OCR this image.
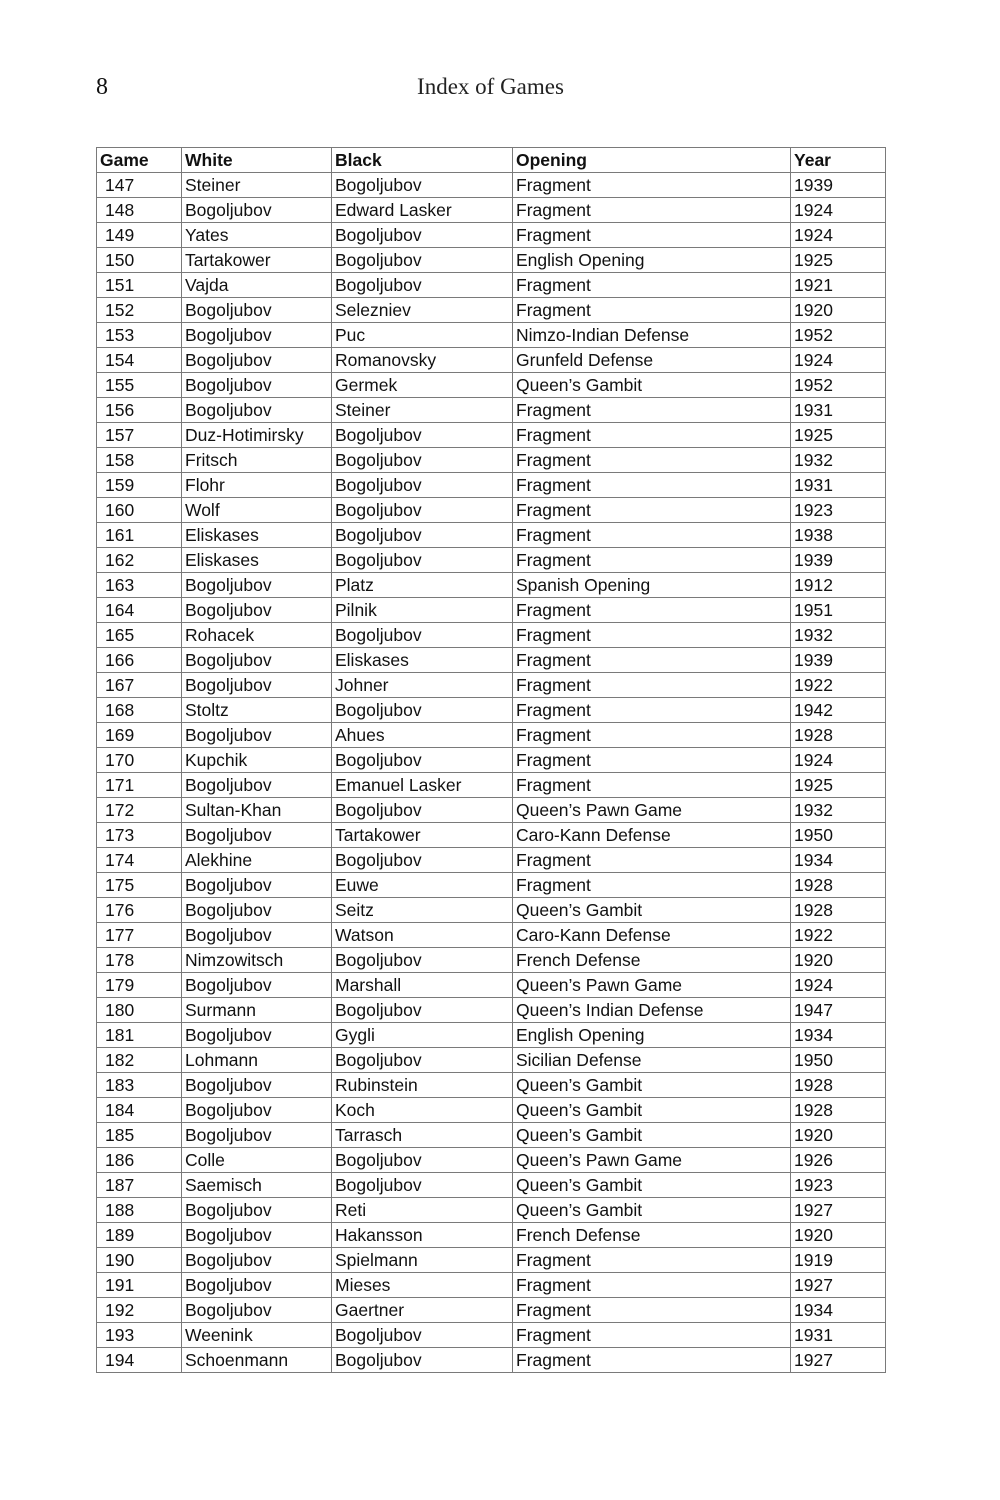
8	Index of Games
Game	White	Black	Opening	Year
147	Steiner	Bogoljubov	Fragment	1939
148	Bogoljubov	Edward Lasker	Fragment	1924
149	Yates	Bogoljubov	Fragment	1924
150	Tartakower	Bogoljubov	English Opening	1925
151	Vajda	Bogoljubov	Fragment	1921
152	Bogoljubov	Selezniev	Fragment	1920
153	Bogoljubov	Puc	Nimzo-Indian Defense	1952
154	Bogoljubov	Romanovsky	Grunfeld Defense	1924
155	Bogoljubov	Germek	Queen’s Gambit	1952
156	Bogoljubov	Steiner	Fragment	1931
157	Duz-Hotimirsky	Bogoljubov	Fragment	1925
158	Fritsch	Bogoljubov	Fragment	1932
159	Flohr	Bogoljubov	Fragment	1931
160	Wolf	Bogoljubov	Fragment	1923
161	Eliskases	Bogoljubov	Fragment	1938
162	Eliskases	Bogoljubov	Fragment	1939
163	Bogoljubov	Platz	Spanish Opening	1912
164	Bogoljubov	Pilnik	Fragment	1951
165	Rohacek	Bogoljubov	Fragment	1932
166	Bogoljubov	Eliskases	Fragment	1939
167	Bogoljubov	Johner	Fragment	1922
168	Stoltz	Bogoljubov	Fragment	1942
169	Bogoljubov	Ahues	Fragment	1928
170	Kupchik	Bogoljubov	Fragment	1924
171	Bogoljubov	Emanuel Lasker	Fragment	1925
172	Sultan-Khan	Bogoljubov	Queen’s Pawn Game	1932
173	Bogoljubov	Tartakower	Caro-Kann Defense	1950
174	Alekhine	Bogoljubov	Fragment	1934
175	Bogoljubov	Euwe	Fragment	1928
176	Bogoljubov	Seitz	Queen’s Gambit	1928
177	Bogoljubov	Watson	Caro-Kann Defense	1922
178	Nimzowitsch	Bogoljubov	French Defense	1920
179	Bogoljubov	Marshall	Queen’s Pawn Game	1924
180	Surmann	Bogoljubov	Queen’s Indian Defense	1947
181	Bogoljubov	Gygli	English Opening	1934
182	Lohmann	Bogoljubov	Sicilian Defense	1950
183	Bogoljubov	Rubinstein	Queen’s Gambit	1928
184	Bogoljubov	Koch	Queen’s Gambit	1928
185	Bogoljubov	Tarrasch	Queen’s Gambit	1920
186	Colle	Bogoljubov	Queen’s Pawn Game	1926
187	Saemisch	Bogoljubov	Queen’s Gambit	1923
188	Bogoljubov	Reti	Queen’s Gambit	1927
189	Bogoljubov	Hakansson	French Defense	1920
190	Bogoljubov	Spielmann	Fragment	1919
191	Bogoljubov	Mieses	Fragment	1927
192	Bogoljubov	Gaertner	Fragment	1934
193	Weenink	Bogoljubov	Fragment	1931
194	Schoenmann	Bogoljubov	Fragment	1927
